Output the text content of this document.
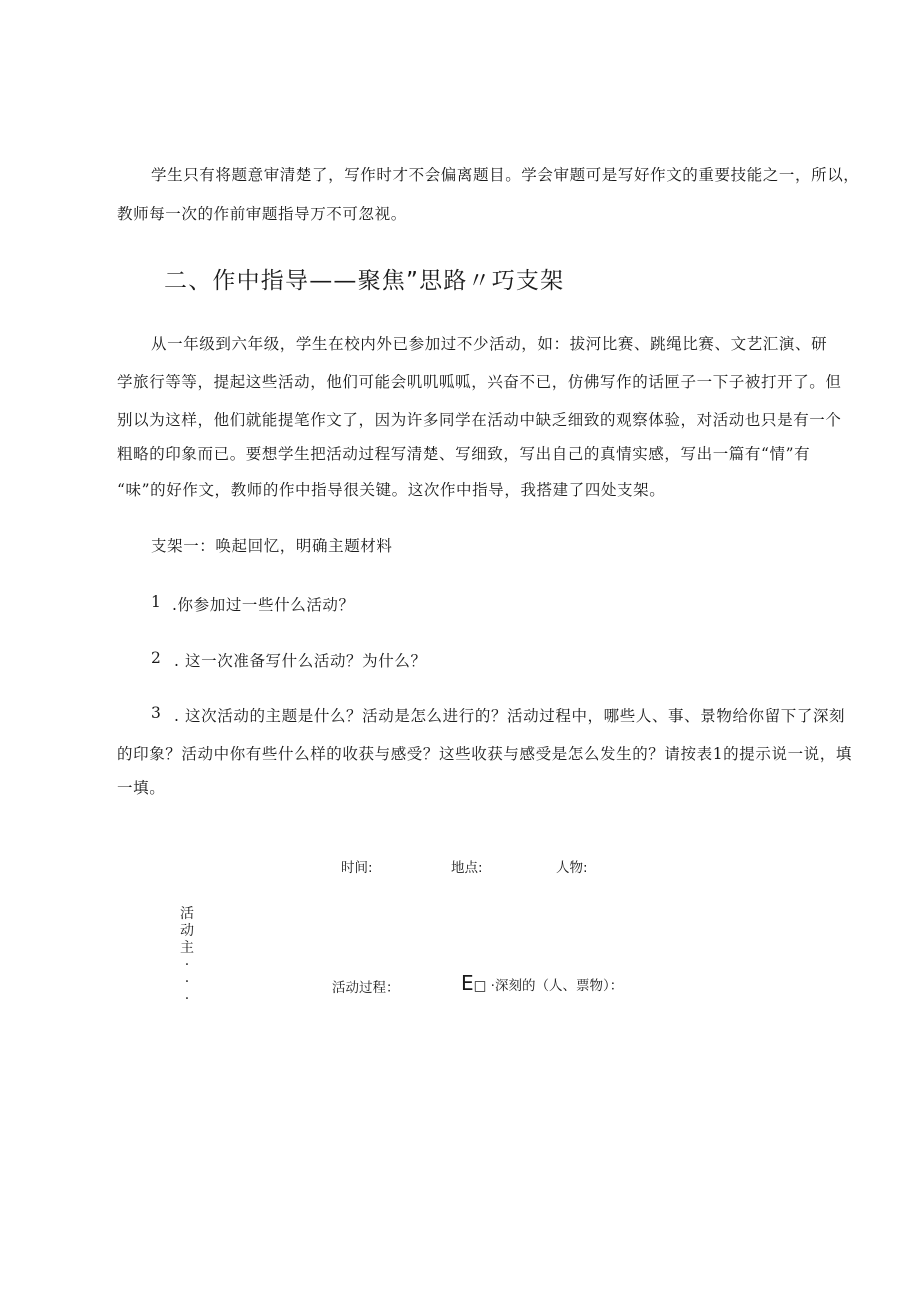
学生只有将题意审清楚了，写作时才不会偏离题目。学会审题可是写好作文的重要技能之一，所以，
教师每一次的作前审题指导万不可忽视。
二、作中指导——聚焦”思路〃巧支架
从一年级到六年级，学生在校内外已参加过不少活动，如：拔河比赛、跳绳比赛、文艺汇演、研
学旅行等等，提起这些活动，他们可能会叽叽呱呱，兴奋不已，仿佛写作的话匣子一下子被打开了。但
别以为这样，他们就能提笔作文了，因为许多同学在活动中缺乏细致的观察体验，对活动也只是有一个
粗略的印象而已。要想学生把活动过程写清楚、写细致，写出自己的真情实感，写出一篇有“情”有
“味”的好作文，教师的作中指导很关键。这次作中指导，我搭建了四处支架。
支架一：唤起回忆，明确主题材料
1 .你参加过一些什么活动？
2 . 这一次准备写什么活动？为什么？
3 . 这次活动的主题是什么？活动是怎么进行的？活动过程中，哪些人、事、景物给你留下了深刻
的印象？活动中你有些什么样的收获与感受？这些收获与感受是怎么发生的？请按表1的提示说一说，填
一填。
时间:	地点:	人物:
活
动
主
·
·
·
活动过程：	E□ ·深刻的（人、票物）：
